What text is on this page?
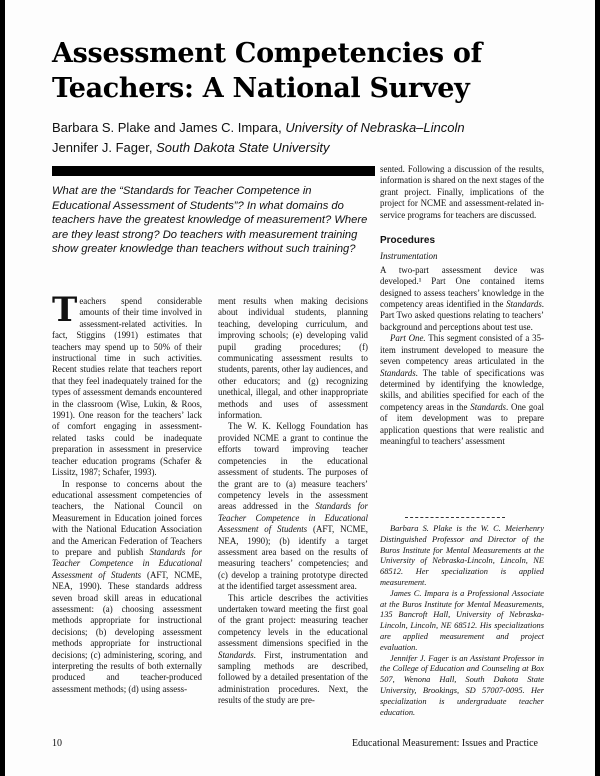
Assessment Competencies of Teachers: A National Survey
Barbara S. Plake and James C. Impara, University of Nebraska–Lincoln
Jennifer J. Fager, South Dakota State University

What are the “Standards for Teacher Competence in Educational Assessment of Students”? In what domains do teachers have the greatest knowledge of measurement? Where are they least strong? Do teachers with measurement training show greater knowledge than teachers without such training?

Teachers spend considerable amounts of their time involved in assessment-related activities. In fact, Stiggins (1991) estimates that teachers may spend up to 50% of their instructional time in such activities. Recent studies relate that teachers report that they feel inadequately trained for the types of assessment demands encountered in the classroom (Wise, Lukin, & Roos, 1991). One reason for the teachers’ lack of comfort engaging in assessment-related tasks could be inadequate preparation in assessment in preservice teacher education programs (Schafer & Lissitz, 1987; Schafer, 1993).

In response to concerns about the educational assessment competencies of teachers, the National Council on Measurement in Education joined forces with the National Education Association and the American Federation of Teachers to prepare and publish Standards for Teacher Competence in Educational Assessment of Students (AFT, NCME, NEA, 1990). These standards address seven broad skill areas in educational assessment: (a) choosing assessment methods appropriate for instructional decisions; (b) developing assessment methods appropriate for instructional decisions; (c) administering, scoring, and interpreting the results of both externally produced and teacher-produced assessment methods; (d) using assess-

ment results when making decisions about individual students, planning teaching, developing curriculum, and improving schools; (e) developing valid pupil grading procedures; (f) communicating assessment results to students, parents, other lay audiences, and other educators; and (g) recognizing unethical, illegal, and other inappropriate methods and uses of assessment information.

The W. K. Kellogg Foundation has provided NCME a grant to continue the efforts toward improving teacher competencies in the educational assessment of students. The purposes of the grant are to (a) measure teachers’ competency levels in the assessment areas addressed in the Standards for Teacher Competence in Educational Assessment of Students (AFT, NCME, NEA, 1990); (b) identify a target assessment area based on the results of measuring teachers’ competencies; and (c) develop a training prototype directed at the identified target assessment area.

This article describes the activities undertaken toward meeting the first goal of the grant project: measuring teacher competency levels in the educational assessment dimensions specified in the Standards. First, instrumentation and sampling methods are described, followed by a detailed presentation of the administration procedures. Next, the results of the study are pre-

sented. Following a discussion of the results, information is shared on the next stages of the grant project. Finally, implications of the project for NCME and assessment-related in-service programs for teachers are discussed.

Procedures
Instrumentation

A two-part assessment device was developed.¹ Part One contained items designed to assess teachers’ knowledge in the competency areas identified in the Standards. Part Two asked questions relating to teachers’ background and perceptions about test use.

Part One. This segment consisted of a 35-item instrument developed to measure the seven competency areas articulated in the Standards. The table of specifications was determined by identifying the knowledge, skills, and abilities specified for each of the competency areas in the Standards. One goal of item development was to prepare application questions that were realistic and meaningful to teachers’ assessment

Barbara S. Plake is the W. C. Meierhenry Distinguished Professor and Director of the Buros Institute for Mental Measurements at the University of Nebraska-Lincoln, Lincoln, NE 68512. Her specialization is applied measurement.

James C. Impara is a Professional Associate at the Buros Institute for Mental Measurements, 135 Bancroft Hall, University of Nebraska-Lincoln, Lincoln, NE 68512. His specializations are applied measurement and project evaluation.

Jennifer J. Fager is an Assistant Professor in the College of Education and Counseling at Box 507, Wenona Hall, South Dakota State University, Brookings, SD 57007-0095. Her specialization is undergraduate teacher education.

10	Educational Measurement: Issues and Practice
